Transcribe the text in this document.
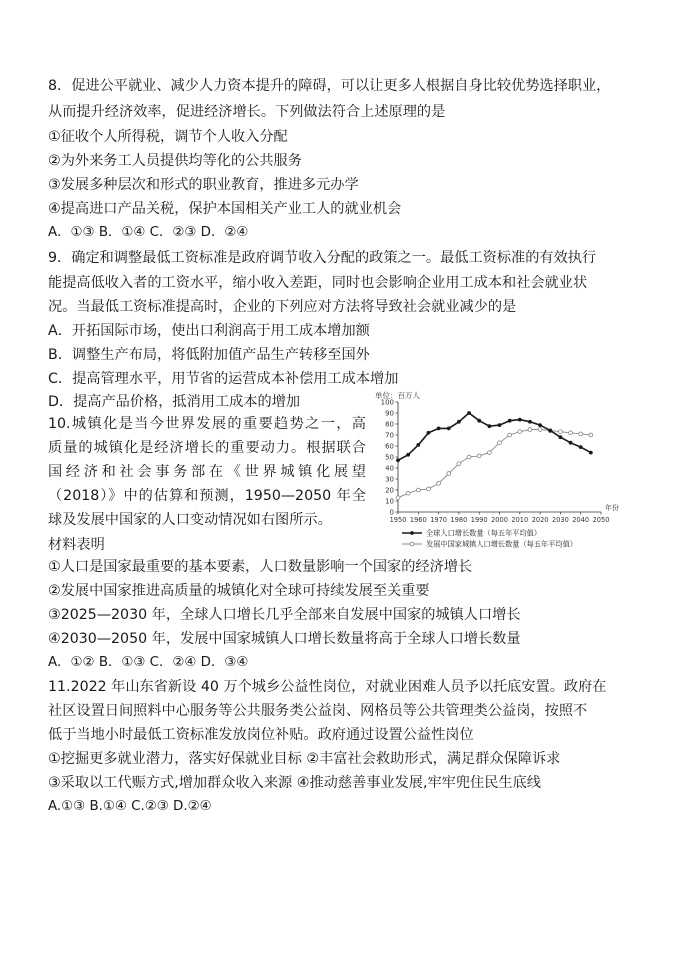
8．促进公平就业、减少人力资本提升的障碍，可以让更多人根据自身比较优势选择职业，
从而提升经济效率，促进经济增长。下列做法符合上述原理的是
①征收个人所得税，调节个人收入分配
②为外来务工人员提供均等化的公共服务
③发展多种层次和形式的职业教育，推进多元办学
④提高进口产品关税，保护本国相关产业工人的就业机会
A．①③ B．①④ C．②③ D．②④
9．确定和调整最低工资标准是政府调节收入分配的政策之一。最低工资标准的有效执行
能提高低收入者的工资水平，缩小收入差距，同时也会影响企业用工成本和社会就业状
况。当最低工资标准提高时，企业的下列应对方法将导致社会就业减少的是
A．开拓国际市场，使出口利润高于用工成本增加额
B．调整生产布局，将低附加值产品生产转移至国外
C．提高管理水平，用节省的运营成本补偿用工成本增加
D．提高产品价格，抵消用工成本的增加
10.城镇化是当今世界发展的重要趋势之一，高
质量的城镇化是经济增长的重要动力。根据联合
国经济和社会事务部在《世界城镇化展望
（2018）》中的估算和预测，1950—2050 年全
球及发展中国家的人口变动情况如右图所示。
材料表明
①人口是国家最重要的基本要素，人口数量影响一个国家的经济增长
②发展中国家推进高质量的城镇化对全球可持续发展至关重要
③2025—2030 年，全球人口增长几乎全部来自发展中国家的城镇人口增长
④2030—2050 年，发展中国家城镇人口增长数量将高于全球人口增长数量
A．①② B．①③ C．②④ D．③④
11.2022 年山东省新设 40 万个城乡公益性岗位，对就业困难人员予以托底安置。政府在
社区设置日间照料中心服务等公共服务类公益岗、网格员等公共管理类公益岗，按照不
低于当地小时最低工资标准发放岗位补贴。政府通过设置公益性岗位
①挖掘更多就业潜力，落实好保就业目标 ②丰富社会救助形式，满足群众保障诉求
③采取以工代赈方式,增加群众收入来源 ④推动慈善事业发展,牢牢兜住民生底线
A.①③ B.①④ C.②③ D.②④
单位：百万人
0
10
20
30
40
50
60
70
80
90
100
1950 1960 1970 1980 1990 2000 2010 2020 2030 2040 2050
年份
全球人口增长数量（每五年平均值）
发展中国家城镇人口增长数量（每五年平均值）
